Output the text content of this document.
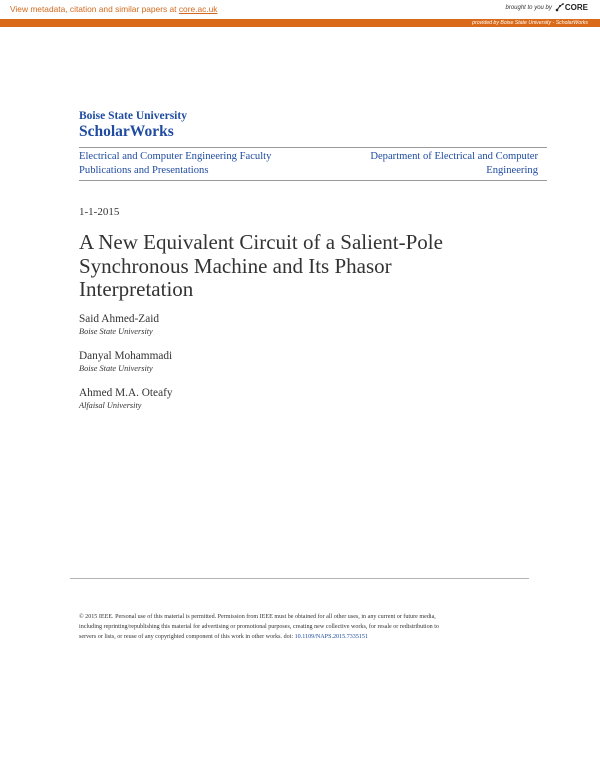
View metadata, citation and similar papers at core.ac.uk	brought to you by CORE
provided by Boise State University - ScholarWorks
Boise State University
ScholarWorks
Electrical and Computer Engineering Faculty
Publications and Presentations
Department of Electrical and Computer
Engineering
1-1-2015
A New Equivalent Circuit of a Salient-Pole
Synchronous Machine and Its Phasor
Interpretation
Said Ahmed-Zaid
Boise State University
Danyal Mohammadi
Boise State University
Ahmed M.A. Oteafy
Alfaisal University
© 2015 IEEE. Personal use of this material is permitted. Permission from IEEE must be obtained for all other uses, in any current or future media,
including reprinting/republishing this material for advertising or promotional purposes, creating new collective works, for resale or redistribution to
servers or lists, or reuse of any copyrighted component of this work in other works. doi: 10.1109/NAPS.2015.7335151
